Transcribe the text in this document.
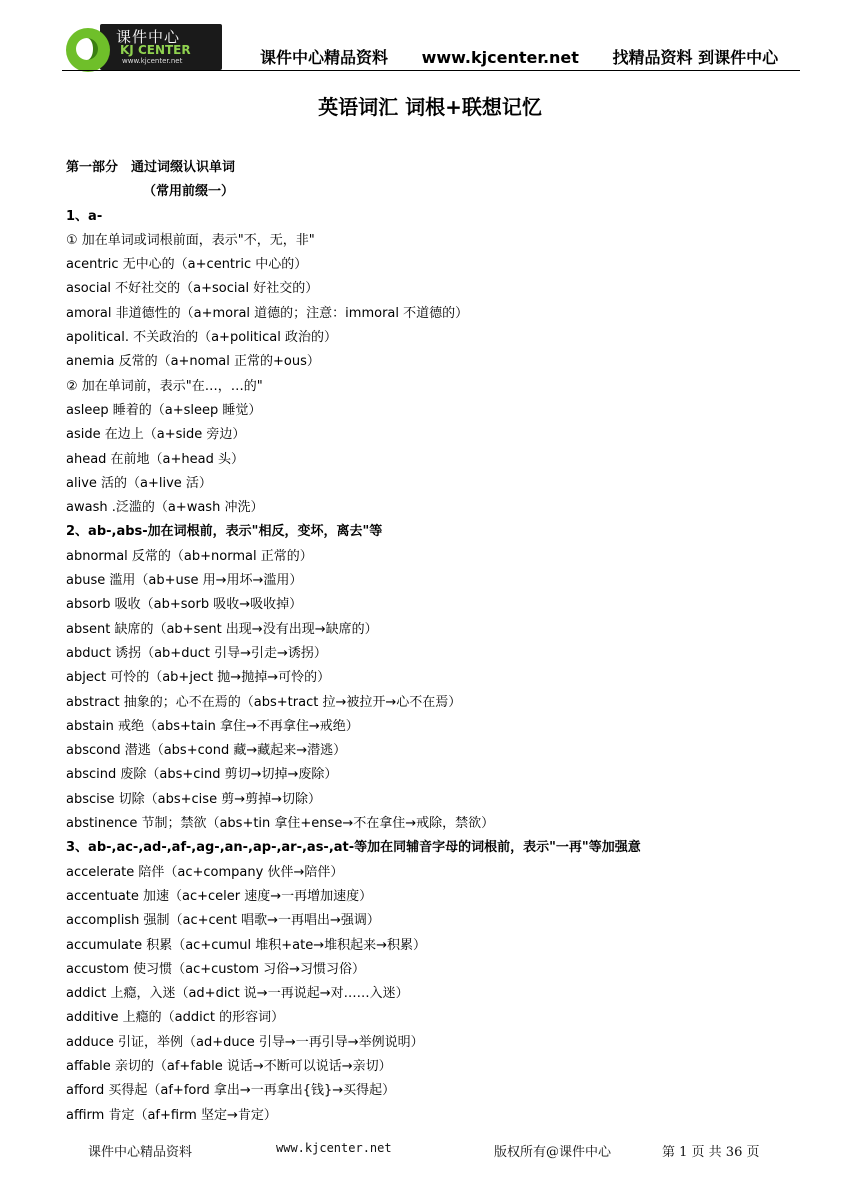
课件中心
KJ CENTER
www.kjcenter.net	课件中心精品资料 www.kjcenter.net 找精品资料 到课件中心
英语词汇 词根+联想记忆
第一部分　通过词缀认识单词
（常用前缀一）
1、a-
① 加在单词或词根前面，表示"不，无，非"
acentric 无中心的（a+centric 中心的）
asocial 不好社交的（a+social 好社交的）
amoral 非道德性的（a+moral 道德的；注意：immoral 不道德的）
apolitical. 不关政治的（a+political 政治的）
anemia 反常的（a+nomal 正常的+ous）
② 加在单词前，表示"在…，…的"
asleep 睡着的（a+sleep 睡觉）
aside 在边上（a+side 旁边）
ahead 在前地（a+head 头）
alive 活的（a+live 活）
awash .泛滥的（a+wash 冲洗）
2、ab-,abs-加在词根前，表示"相反，变坏，离去"等
abnormal 反常的（ab+normal 正常的）
abuse 滥用（ab+use 用→用坏→滥用）
absorb 吸收（ab+sorb 吸收→吸收掉）
absent 缺席的（ab+sent 出现→没有出现→缺席的）
abduct 诱拐（ab+duct 引导→引走→诱拐）
abject 可怜的（ab+ject 抛→抛掉→可怜的）
abstract 抽象的；心不在焉的（abs+tract 拉→被拉开→心不在焉）
abstain 戒绝（abs+tain 拿住→不再拿住→戒绝）
abscond 潜逃（abs+cond 藏→藏起来→潜逃）
abscind 废除（abs+cind 剪切→切掉→废除）
abscise 切除（abs+cise 剪→剪掉→切除）
abstinence 节制；禁欲（abs+tin 拿住+ense→不在拿住→戒除，禁欲）
3、ab-,ac-,ad-,af-,ag-,an-,ap-,ar-,as-,at-等加在同辅音字母的词根前，表示"一再"等加强意
accelerate 陪伴（ac+company 伙伴→陪伴）
accentuate 加速（ac+celer 速度→一再增加速度）
accomplish 强制（ac+cent 唱歌→一再唱出→强调）
accumulate 积累（ac+cumul 堆积+ate→堆积起来→积累）
accustom 使习惯（ac+custom 习俗→习惯习俗）
addict 上瘾，入迷（ad+dict 说→一再说起→对……入迷）
additive 上瘾的（addict 的形容词）
adduce 引证，举例（ad+duce 引导→一再引导→举例说明）
affable 亲切的（af+fable 说话→不断可以说话→亲切）
afford 买得起（af+ford 拿出→一再拿出{钱}→买得起）
affirm 肯定（af+firm 坚定→肯定）
课件中心精品资料	www.kjcenter.net	版权所有@课件中心	第 1 页 共 36 页
